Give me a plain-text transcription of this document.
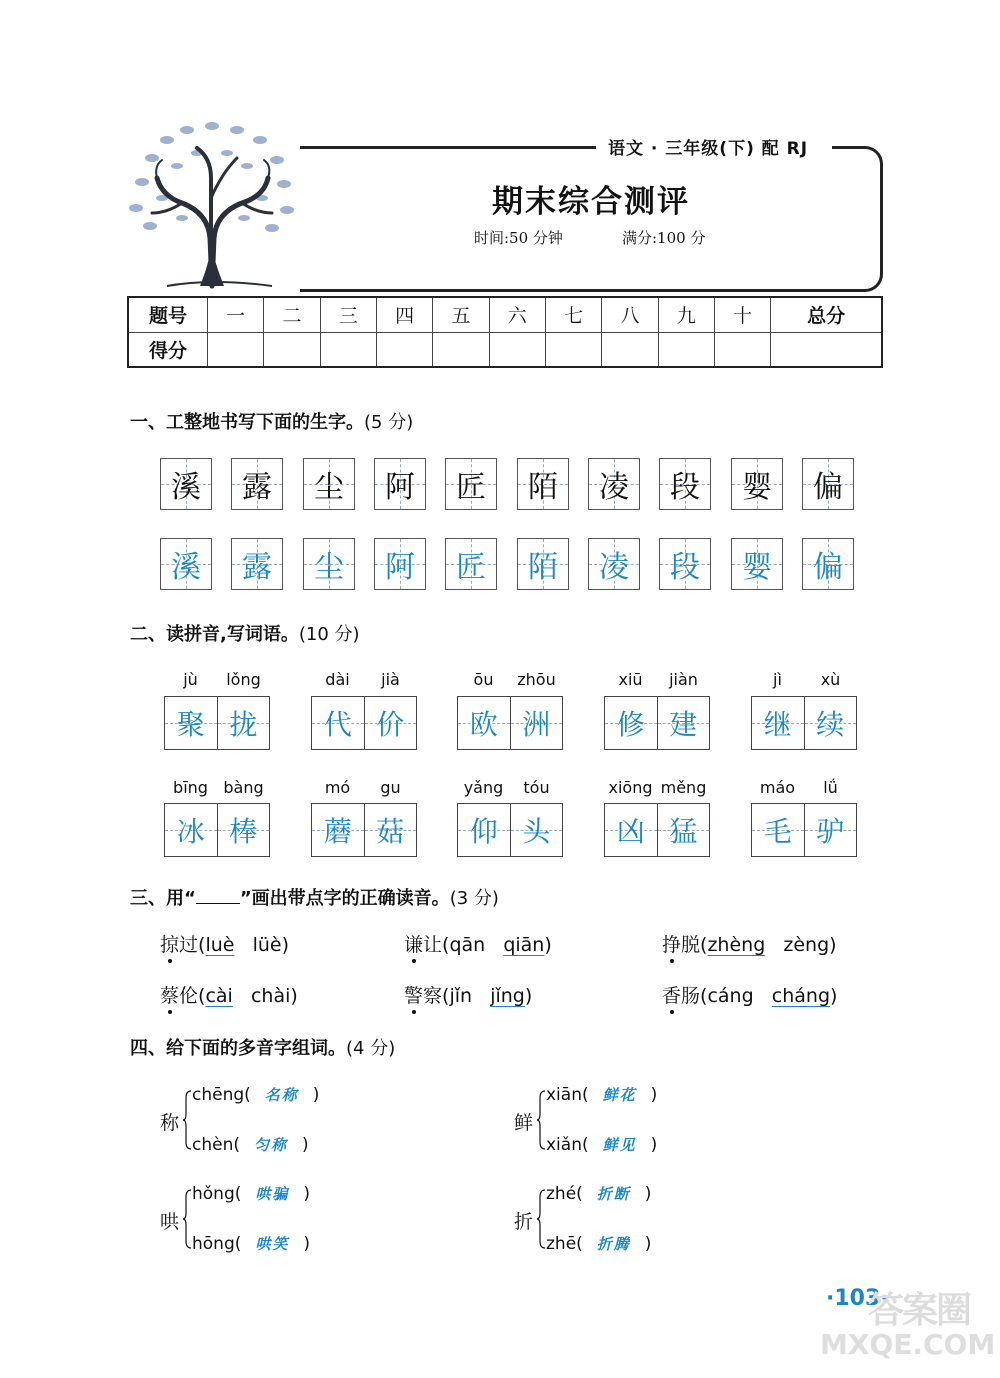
语文 · 三年级(下) 配 RJ
期末综合测评
时间:50 分钟	满分:100 分
题号	一	二	三	四	五	六	七	八	九	十	总分
得分											
一、工整地书写下面的生字。(5 分)
溪 露 尘 阿 匠 陌 凌 段 婴 偏
溪 露 尘 阿 匠 陌 凌 段 婴 偏
二、读拼音,写词语。(10 分)
jù	lǒng
聚 拢
dài	jià
代 价
ōu	zhōu
欧 洲
xiū	jiàn
修 建
jì	xù
继 续
bīng bàng
冰 棒
mó	gu
蘑 菇
yǎng	tóu
仰 头
xiōng měng
凶 猛
máo	lǘ
毛 驴
三、用“ ”画出带点字的正确读音。(3 分)
掠过(luè lüè)	谦让(qān qiān)	挣脱(zhèng zèng)
蔡伦(cài chài)	警察(jǐn jǐng)	香肠(cáng cháng)
四、给下面的多音字组词。(4 分)
称
chēng( 名称 )
chèn( 匀称 )
鲜
xiān( 鲜花 )
xiǎn( 鲜见 )
哄
hǒng( 哄骗 )
hōng( 哄笑 )
折
zhé( 折断 )
zhē( 折腾 )
·103·
答案圈
MXQE.COM
